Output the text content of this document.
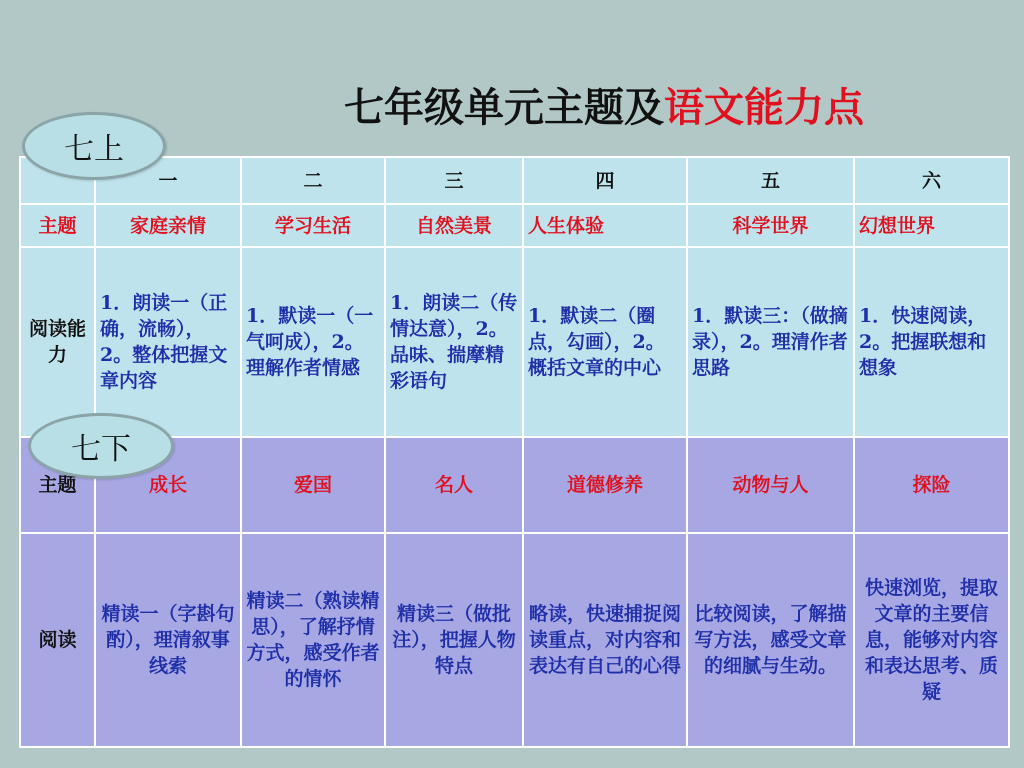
七年级单元主题及语文能力点
	一	二	三	四	五	六
主题	家庭亲情	学习生活	自然美景	人生体验	科学世界	幻想世界
阅读能力	1．朗读一（正确，流畅），2。整体把握文章内容	1．默读一（一气呵成），2。理解作者情感	1．朗读二（传情达意），2。品味、揣摩精彩语句	1．默读二（圈点，勾画），2。概括文章的中心	1．默读三：（做摘录），2。理清作者思路	1．快速阅读，2。把握联想和想象
主题	成长	爱国	名人	道德修养	动物与人	探险
阅读	精读一（字斟句酌），理清叙事线索	精读二（熟读精思），了解抒情方式，感受作者的情怀	精读三（做批注），把握人物特点	略读，快速捕捉阅读重点，对内容和表达有自己的心得	比较阅读，了解描写方法，感受文章的细腻与生动。	快速浏览，提取文章的主要信息，能够对内容和表达思考、质疑
七上
七下
